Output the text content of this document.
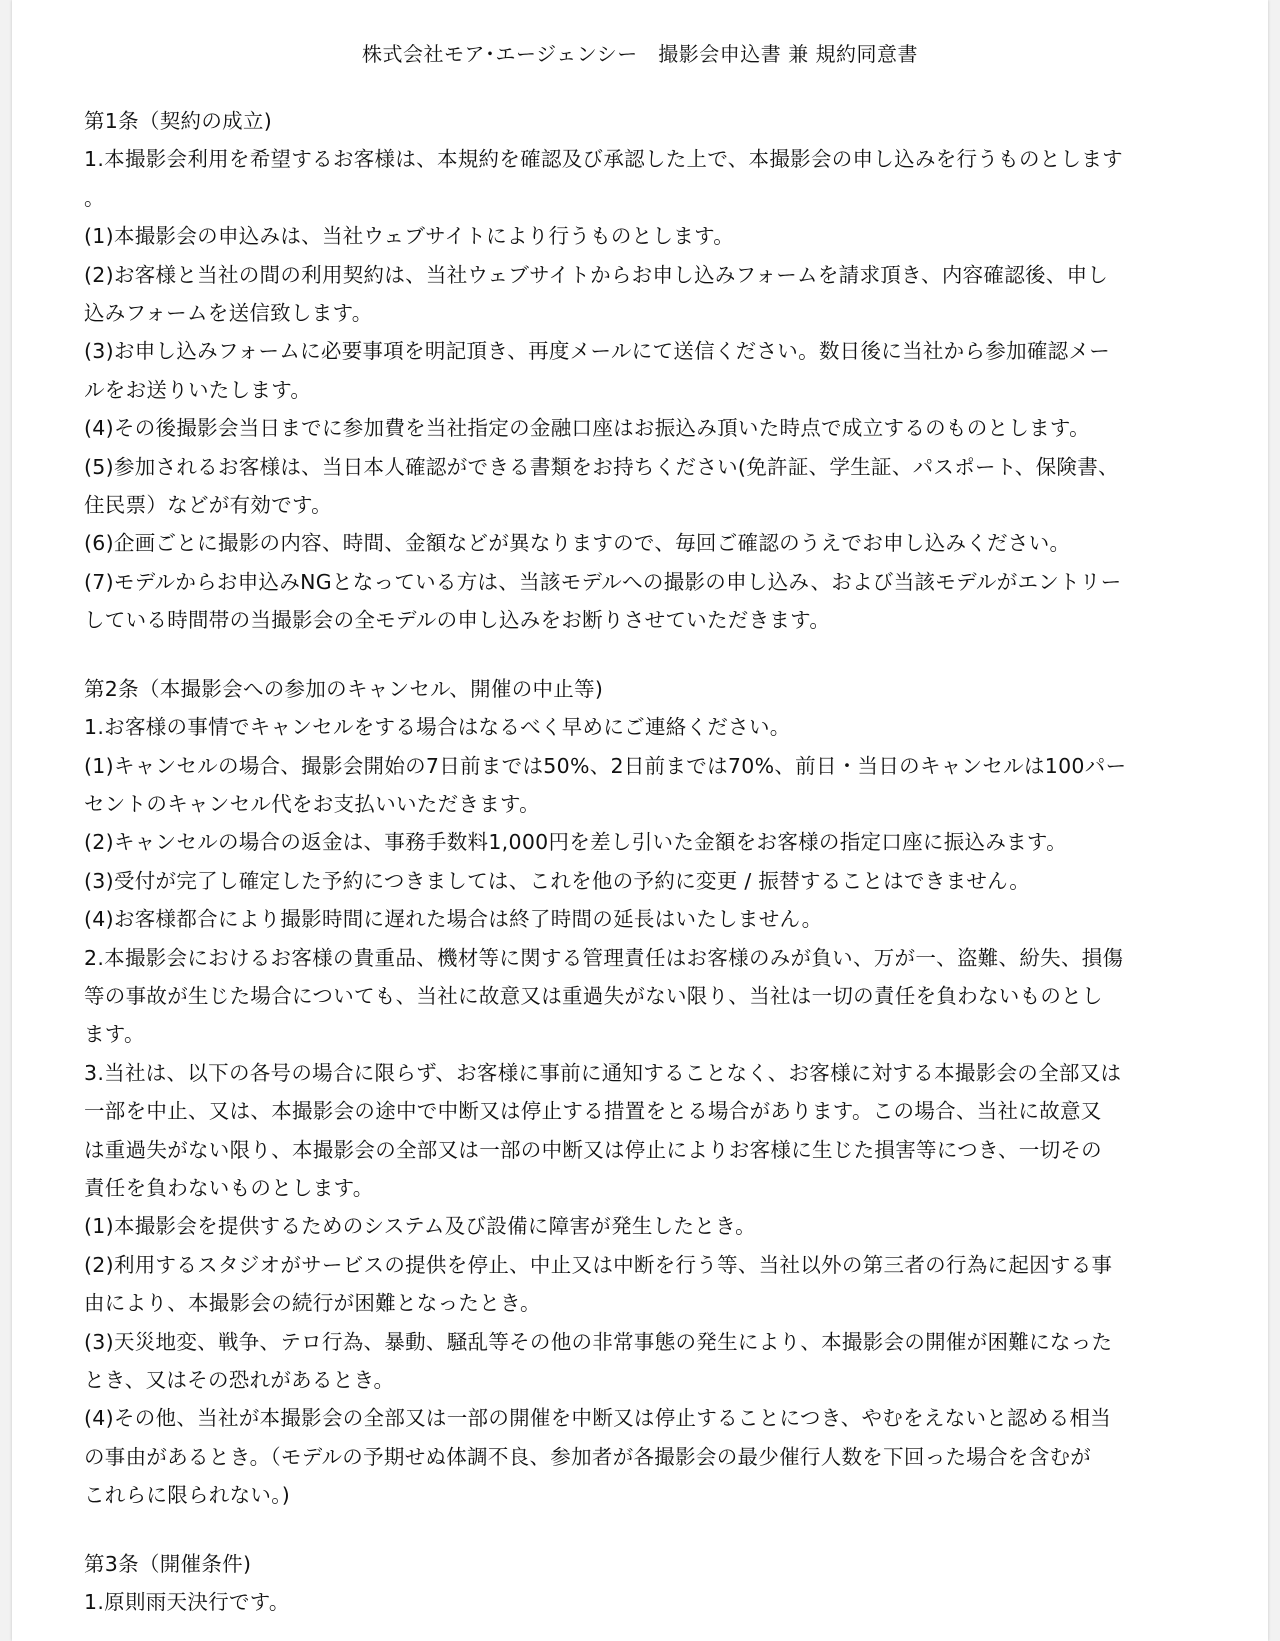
株式会社モア･エージェンシー　撮影会申込書 兼 規約同意書
第1条（契約の成立)
1.本撮影会利用を希望するお客様は、本規約を確認及び承認した上で、本撮影会の申し込みを行うものとします
。
(1)本撮影会の申込みは、当社ウェブサイトにより行うものとします。
(2)お客様と当社の間の利用契約は、当社ウェブサイトからお申し込みフォームを請求頂き、内容確認後、申し
込みフォームを送信致します。
(3)お申し込みフォームに必要事項を明記頂き、再度メールにて送信ください。数日後に当社から参加確認メー
ルをお送りいたします。
(4)その後撮影会当日までに参加費を当社指定の金融口座はお振込み頂いた時点で成立するのものとします。
(5)参加されるお客様は、当日本人確認ができる書類をお持ちください(免許証、学生証、パスポート、保険書、
住民票）などが有効です。
(6)企画ごとに撮影の内容、時間、金額などが異なりますので、毎回ご確認のうえでお申し込みください。
(7)モデルからお申込みNGとなっている方は、当該モデルへの撮影の申し込み、および当該モデルがエントリー
している時間帯の当撮影会の全モデルの申し込みをお断りさせていただきます。
第2条（本撮影会への参加のキャンセル、開催の中止等)
1.お客様の事情でキャンセルをする場合はなるべく早めにご連絡ください。
(1)キャンセルの場合、撮影会開始の7日前までは50%、2日前までは70%、前日・当日のキャンセルは100パー
セントのキャンセル代をお支払いいただきます。
(2)キャンセルの場合の返金は、事務手数料1,000円を差し引いた金額をお客様の指定口座に振込みます。
(3)受付が完了し確定した予約につきましては、これを他の予約に変更 / 振替することはできません。
(4)お客様都合により撮影時間に遅れた場合は終了時間の延長はいたしません。
2.本撮影会におけるお客様の貴重品、機材等に関する管理責任はお客様のみが負い、万が一、盗難、紛失、損傷
等の事故が生じた場合についても、当社に故意又は重過失がない限り、当社は一切の責任を負わないものとし
ます。
3.当社は、以下の各号の場合に限らず、お客様に事前に通知することなく、お客様に対する本撮影会の全部又は
一部を中止、又は、本撮影会の途中で中断又は停止する措置をとる場合があります。この場合、当社に故意又
は重過失がない限り、本撮影会の全部又は一部の中断又は停止によりお客様に生じた損害等につき、一切その
責任を負わないものとします。
(1)本撮影会を提供するためのシステム及び設備に障害が発生したとき。
(2)利用するスタジオがサービスの提供を停止、中止又は中断を行う等、当社以外の第三者の行為に起因する事
由により、本撮影会の続行が困難となったとき。
(3)天災地変、戦争、テロ行為、暴動、騒乱等その他の非常事態の発生により、本撮影会の開催が困難になった
とき、又はその恐れがあるとき。
(4)その他、当社が本撮影会の全部又は一部の開催を中断又は停止することにつき、やむをえないと認める相当
の事由があるとき。（モデルの予期せぬ体調不良、参加者が各撮影会の最少催行人数を下回った場合を含むが
これらに限られない。)
第3条（開催条件)
1.原則雨天決行です。
